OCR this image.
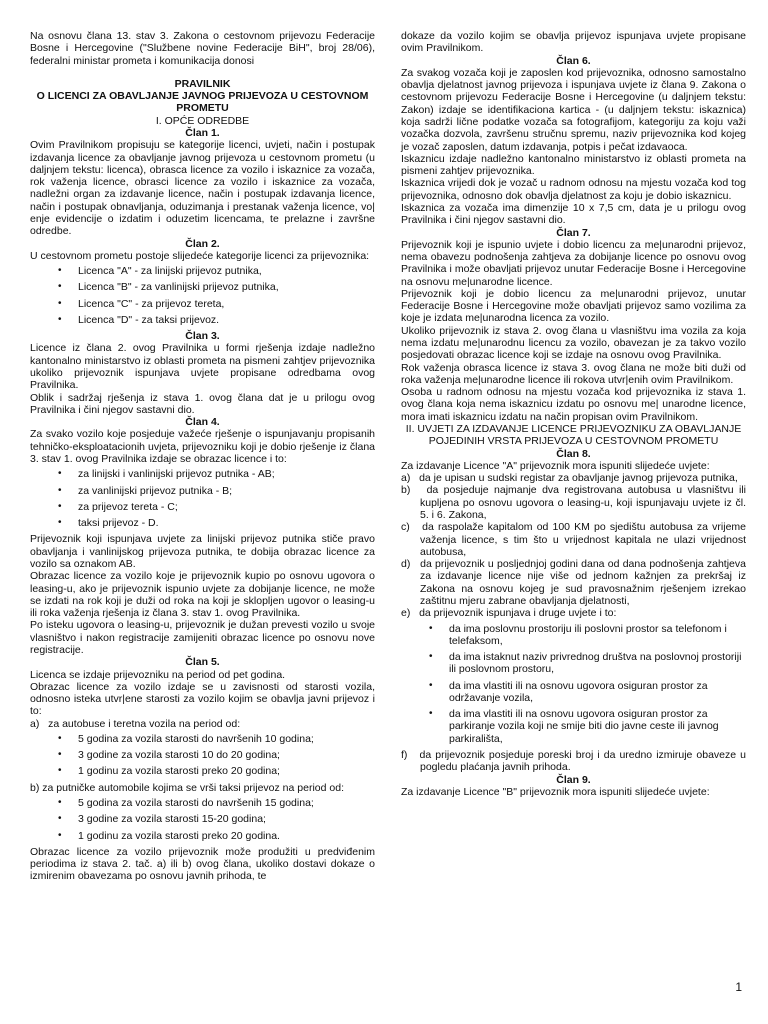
Na osnovu člana 13. stav 3. Zakona o cestovnom prijevozu Federacije Bosne i Hercegovine ("Službene novine Federacije BiH", broj 28/06), federalni ministar prometa i komunikacija donosi

PRAVILNIK
O LICENCI ZA OBAVLJANJE JAVNOG PRIJEVOZA U CESTOVNOM PROMETU
I. OPĆE ODREDBE
Član 1.

Ovim Pravilnikom propisuju se kategorije licenci, uvjeti, način i postupak izdavanja licence za obavljanje javnog prijevoza u cestovnom prometu (u daljnjem tekstu: licenca), obrasca licence za vozilo i iskaznice za vozača, rok važenja licence, obrasci licence za vozilo i iskaznice za vozača, nadležni organ za izdavanje licence, način i postupak izdavanja licence, način i postupak obnavljanja, oduzimanja i prestanak važenja licence, vo| enje evidencije o izdatim i oduzetim licencama, te prelazne i završne odredbe.

Član 2.

U cestovnom prometu postoje slijedeće kategorije licenci za prijevoznika:

• Licenca "A" - za linijski prijevoz putnika,
• Licenca "B" - za vanlinijski prijevoz putnika,
• Licenca "C" - za prijevoz tereta,
• Licenca "D" - za taksi prijevoz.
Član 3.

Licence iz člana 2. ovog Pravilnika u formi rješenja izdaje nadležno kantonalno ministarstvo iz oblasti prometa na pismeni zahtjev prijevoznika ukoliko prijevoznik ispunjava uvjete propisane odredbama ovog Pravilnika.

Oblik i sadržaj rješenja iz stava 1. ovog člana dat je u prilogu ovog Pravilnika i čini njegov sastavni dio.

Član 4.

Za svako vozilo koje posjeduje važeće rješenje o ispunjavanju propisanih tehničko-eksploatacionih uvjeta, prijevozniku koji je dobio rješenje iz člana 3. stav 1. ovog Pravilnika izdaje se obrazac licence i to:

• za linijski i vanlinijski prijevoz putnika - AB;
• za vanlinijski prijevoz putnika - B;
• za prijevoz tereta - C;
• taksi prijevoz - D.

Prijevoznik koji ispunjava uvjete za linijski prijevoz putnika stiče pravo obavljanja i vanlinijskog prijevoza putnika, te dobija obrazac licence za vozilo sa oznakom AB.

Obrazac licence za vozilo koje je prijevoznik kupio po osnovu ugovora o leasing-u, ako je prijevoznik ispunio uvjete za dobijanje licence, ne može se izdati na rok koji je duži od roka na koji je skloplјen ugovor o leasing-u ili roka važenja rješenja iz člana 3. stav 1. ovog Pravilnika.

Po isteku ugovora o leasing-u, prijevoznik je dužan prevesti vozilo u svoje vlasništvo i nakon registracije zamijeniti obrazac licence po osnovu nove registracije.

Član 5.

Licenca se izdaje prijevozniku na period od pet godina.

Obrazac licence za vozilo izdaje se u zavisnosti od starosti vozila, odnosno isteka utvr|ene starosti za vozilo kojim se obavlja javni prijevoz i to:

a)   za autobuse i teretna vozila na period od:

• 5 godina za vozila starosti do navršenih 10 godina;
• 3 godine za vozila starosti 10 do 20 godina;
• 1 godinu za vozila starosti preko 20 godina;

b) za putničke automobile kojima se vrši taksi prijevoz na period od:

• 5 godina za vozila starosti do navršenih 15 godina;
• 3 godine za vozila starosti 15-20 godina;
• 1 godinu za vozila starosti preko 20 godina.

Obrazac licence za vozilo prijevoznik može produžiti u predviđenim periodima iz stava 2. tač. a) ili b) ovog člana, ukoliko dostavi dokaze o izmirenim obavezama po osnovu javnih prihoda, te

dokaze da vozilo kojim se obavlja prijevoz ispunjava uvjete propisane ovim Pravilnikom.

Član 6.

Za svakog vozača koji je zaposlen kod prijevoznika, odnosno samostalno obavlja djelatnost javnog prijevoza i ispunjava uvjete iz člana 9. Zakona o cestovnom prijevozu Federacije Bosne i Hercegovine (u daljnjem tekstu: Zakon) izdaje se identifikaciona kartica - (u daljnjem tekstu: iskaznica) koja sadrži lične podatke vozača sa fotografijom, kategoriju za koju važi vozačka dozvola, završenu stručnu spremu, naziv prijevoznika kod kojeg je vozač zaposlen, datum izdavanja, potpis i pečat izdavaoca.

Iskaznicu izdaje nadležno kantonalno ministarstvo iz oblasti prometa na pismeni zahtjev prijevoznika.

Iskaznica vrijedi dok je vozač u radnom odnosu na mjestu vozača kod tog prijevoznika, odnosno dok obavlja djelatnost za koju je dobio iskaznicu.

Iskaznica za vozača ima dimenzije 10 x 7,5 cm, data je u prilogu ovog Pravilnika i čini njegov sastavni dio.

Član 7.

Prijevoznik koji je ispunio uvjete i dobio licencu za me|unarodni prijevoz, nema obavezu podnošenja zahtjeva za dobijanje licence po osnovu ovog Pravilnika i može obavljati prijevoz unutar Federacije Bosne i Hercegovine na osnovu me|unarodne licence.

Prijevoznik koji je dobio licencu za me|unarodni prijevoz, unutar Federacije Bosne i Hercegovine može obavljati prijevoz samo vozilima za koje je izdata me|unarodna licenca za vozilo.

Ukoliko prijevoznik iz stava 2. ovog člana u vlasništvu ima vozila za koja nema izdatu me|unarodnu licencu za vozilo, obavezan je za takvo vozilo posjedovati obrazac licence koji se izdaje na osnovu ovog Pravilnika.

Rok važenja obrasca licence iz stava 3. ovog člana ne može biti duži od roka važenja me|unarodne licence ili rokova utvr|enih ovim Pravilnikom.

Osoba u radnom odnosu na mjestu vozača kod prijevoznika iz stava 1. ovog člana koja nema iskaznicu izdatu po osnovu me| unarodne licence, mora imati iskaznicu izdatu na način propisan ovim Pravilnikom.

II. UVJETI ZA IZDAVANJE LICENCE PRIJEVOZNIKU ZA OBAVLJANJE POJEDINIH VRSTA PRIJEVOZA U CESTOVNOM PROMETU
Član 8.

Za izdavanje Licence "A" prijevoznik mora ispuniti slijedeće uvjete:

a)   da je upisan u sudski registar za obavljanje javnog prijevoza putnika,

b)   da posjeduje najmanje dva registrovana autobusa u vlasništvu ili kupljena po osnovu ugovora o leasing-u, koji ispunjavaju uvjete iz čl. 5. i 6. Zakona,

c)   da raspolaže kapitalom od 100 KM po sjedištu autobusa za vrijeme važenja licence, s tim što u vrijednost kapitala ne ulazi vrijednost autobusa,

d)   da prijevoznik u posljednjoj godini dana od dana podnošenja zahtjeva za izdavanje licence nije više od jednom kažnjen za prekršaj iz Zakona na osnovu kojeg je sud pravosnažnim rješenjem izrekao zaštitnu mjeru zabrane obavljanja djelatnosti,

e)   da prijevoznik ispunjava i druge uvjete i to:

• da ima poslovnu prostoriju ili poslovni prostor sa telefonom i telefaksom,
• da ima istaknut naziv privrednog društva na poslovnoj prostoriji ili poslovnom prostoru,
• da ima vlastiti ili na osnovu ugovora osiguran prostor za održavanje vozila,
• da ima vlastiti ili na osnovu ugovora osiguran prostor za parkiranje vozila koji ne smije biti dio javne ceste ili javnog parkirališta,

f)   da prijevoznik posjeduje poreski broj i da uredno izmiruje obaveze u pogledu plaćanja javnih prihoda.

Član 9.

Za izdavanje Licence "B" prijevoznik mora ispuniti slijedeće uvjete:

1
